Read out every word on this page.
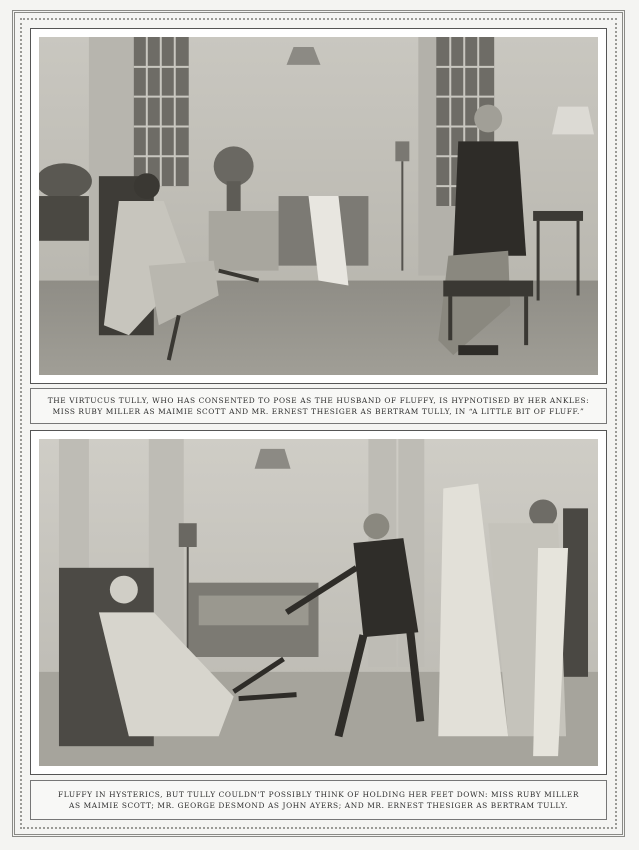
THE VIRTUCUS TULLY, WHO HAS CONSENTED TO POSE AS THE HUSBAND OF FLUFFY, IS HYPNOTISED BY HER ANKLES:
MISS RUBY MILLER AS MAIMIE SCOTT AND MR. ERNEST THESIGER AS BERTRAM TULLY, IN “A LITTLE BIT OF FLUFF.”
FLUFFY IN HYSTERICS, BUT TULLY COULDN'T POSSIBLY THINK OF HOLDING HER FEET DOWN: MISS RUBY MILLER
AS MAIMIE SCOTT; MR. GEORGE DESMOND AS JOHN AYERS; AND MR. ERNEST THESIGER AS BERTRAM TULLY.
